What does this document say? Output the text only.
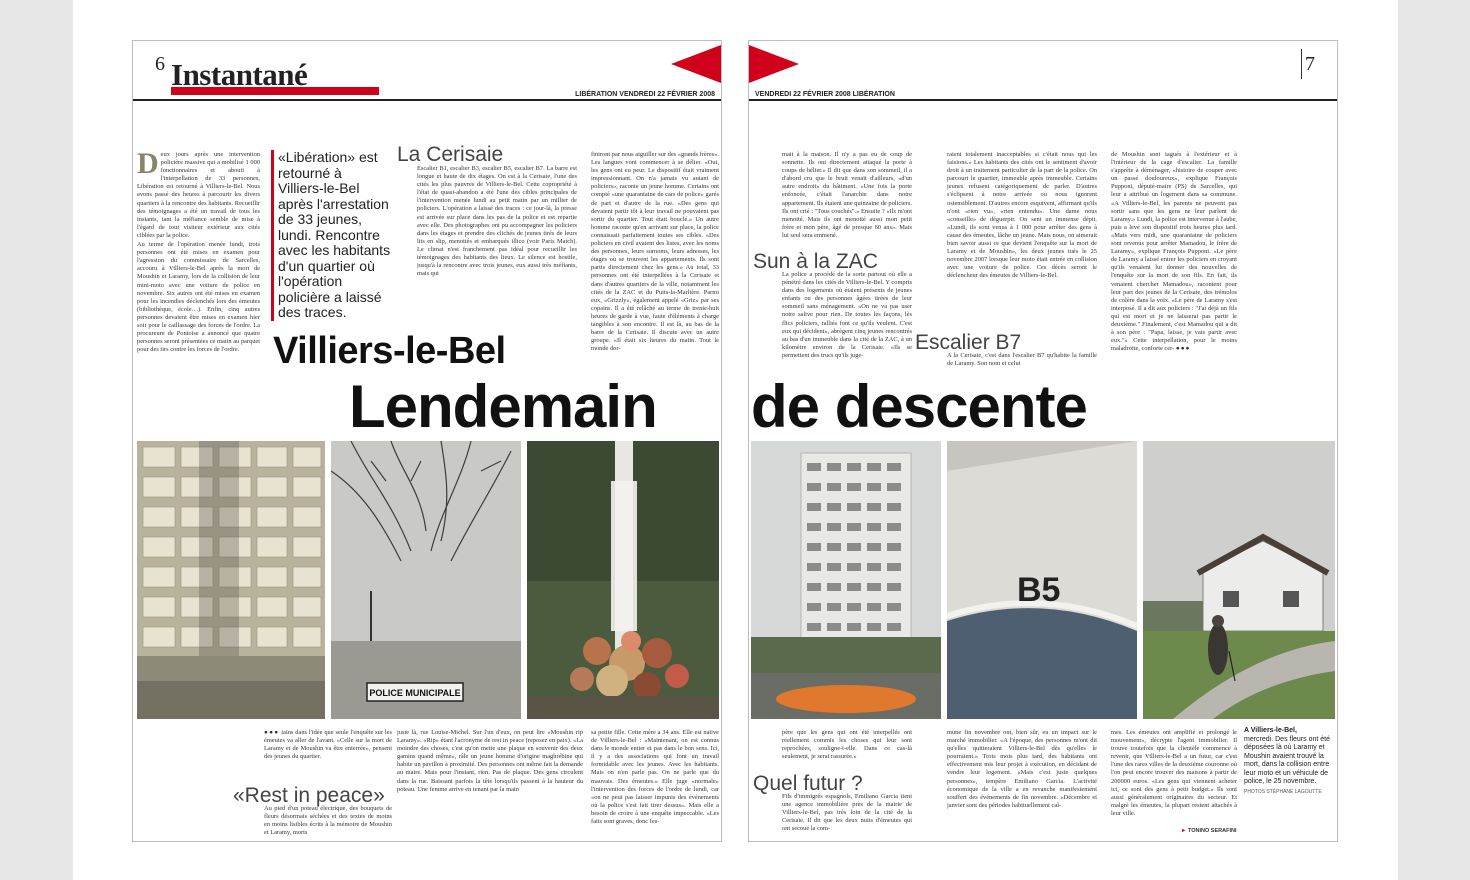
6 Instantané
LIBÉRATION VENDREDI 22 FÉVRIER 2008

Deux jours après une intervention policière massive qui a mobilisé 1 000 fonctionnaires et abouti à l'interpellation de 33 personnes, Libération est retourné à Villiers-le-Bel. Nous avons passé des heures à parcourir les divers quartiers à la rencontre des habitants. Recueillir des témoignages a été un travail de tous les instants, tant la méfiance semble de mise à l'égard de tout visiteur extérieur aux cités ciblées par la police.

Au terme de l'opération menée lundi, trois personnes ont été mises en examen pour l'agression du commissaire de Sarcelles, accouru à Villiers-le-Bel après la mort de Moushin et Laramy, lors de la collision de leur mini-moto avec une voiture de police en novembre. Six autres ont été mises en examen pour les incendies déclenchés lors des émeutes (bibliothèque, école…). Enfin, cinq autres personnes devaient être mises en examen hier soir pour le caillassage des forces de l'ordre. La procureure de Pontoise a annoncé que quatre personnes seront présentées ce matin au parquet pour des tirs contre les forces de l'ordre.

«Libération» est retourné à Villiers-le-Bel après l'arrestation de 33 jeunes, lundi. Rencontre avec les habitants d'un quartier où l'opération policière a laissé des traces.
La Cerisaie
Escalier B1, escalier B3, escalier B5, escalier B7. La barre est longue et haute de dix étages. On est à la Cerisaie, l'une des cités les plus pauvres de Villiers-le-Bel. Cette copropriété à l'état de quasi-abandon a été l'une des cibles principales de l'intervention menée lundi au petit matin par un millier de policiers. L'opération a laissé des traces : ce jour-là, la presse est arrivée sur place dans les pas de la police et est repartie avec elle. Des photographes ont pu accompagner les policiers dans les étages et prendre des clichés de jeunes tirés de leurs lits en slip, menottés et embarqués illico (voir Paris Match). Le climat n'est franchement pas idéal pour recueillir les témoignages des habitants des lieux. Le silence est hostile, jusqu'à la rencontre avec trois jeunes, eux aussi très méfiants, mais qui
finiront par nous aiguiller sur des «grands frères». Les langues vont commencer à se délier. «Oui, les gens ont eu peur. Le dispositif était vraiment impressionnant. On n'a jamais vu autant de policiers», raconte un jeune homme. Certains ont compté «une quarantaine de cars de police» garés de part et d'autre de la rue. «Des gens qui devaient partir tôt à leur travail ne pouvaient pas sortir du quartier. Tout était bouclé.» Un autre homme raconte qu'en arrivant sur place, la police connaissait parfaitement toutes ses cibles. «Des policiers en civil avaient des listes, avec les noms des personnes, leurs surnoms, leurs adresses, les étages où se trouvent les appartements. Ils sont partis directement chez les gens.» Au total, 33 personnes ont été interpellées à la Cerisaie et dans d'autres quartiers de la ville, notamment les cités de la ZAC et du Puits-la-Marlière. Parmi eux, «Grizzly», également appelé «Griz» par ses copains. Il a été relâché au terme de trente-huit heures de garde à vue, faute d'éléments à charge tangibles à son encontre. Il est là, au bas de la barre de la Cerisaie. Il discute avec un autre groupe. «Il était six heures du matin. Tout le monde dor-
Villiers-le-Bel
Lendemain
POLICE MUNICIPALE

●●● tains dans l'idée que seule l'enquête sur les émeutes va aller de l'avant. «Celle sur la mort de Laramy et de Moushin va être enterrée», pensent des jeunes du quartier.

«Rest in peace»
Au pied d'un poteau électrique, des bouquets de fleurs désormais séchées et des textes de moins en moins lisibles écrits à la mémoire de Moushin et Laramy, morts
juste là, rue Louise-Michel. Sur l'un d'eux, on peut lire «Moushin rip Laramy». «Rip» étant l'acronyme de rest in peace (reposez en paix). «La moindre des choses, c'est qu'on mette une plaque en souvenir des deux gamins quand même», râle un jeune homme d'origine maghrébine qui habite un pavillon à proximité. Des personnes ont même fait la demande au maire. Mais pour l'instant, rien. Pas de plaque. Des gens circulent dans la rue. Baissant parfois la tête lorsqu'ils passent à la hauteur du poteau. Une femme arrive en tenant par la main
sa petite fille. Cette mère a 34 ans. Elle est native de Villiers-le-Bel : «Maintenant, on est connus dans le monde entier et pas dans le bon sens. Ici, il y a des associations qui font un travail formidable avec les jeunes. Avec les habitants. Mais on n'en parle pas. On ne parle que du mauvais. Des émeutes.» Elle juge «normale» l'intervention des forces de l'ordre de lundi, car «on ne peut pas laisser impunis des événements où la police s'est fait tirer dessus». Mais elle a besoin de croire à une enquête impeccable. «Les faits sont graves, donc fes-
7
VENDREDI 22 FÉVRIER 2008 LIBÉRATION
mait à la maison. Il n'y a pas eu de coup de sonnette. Ils ont directement attaqué la porte à coups de bélier.» Il dit que dans son sommeil, il a d'abord cru que le bruit venait d'ailleurs, «d'un autre endroit» du bâtiment. «Une fois la porte enfoncée, c'était l'anarchie dans notre appartement. Ils étaient une quinzaine de policiers. Ils ont crié : "Tous couchés".» Ensuite ? «Ils m'ont menotté. Mais ils ont menotté aussi mon petit frère et mon père, âgé de presque 60 ans». Mais lui seul sera emmené.
Sun à la ZAC
La police a procédé de la sorte partout où elle a pénétré dans les cités de Villiers-le-Bel. Y compris dans des logements où étaient présents de jeunes enfants ou des personnes âgées tirées de leur sommeil sans ménagement. «On ne va pas user notre salive pour rien. De toutes les façons, lès flics policiers, ralliés font ce qu'ils veulent. C'est eux qui décident», abrègent cinq jeunes rencontrés au bas d'un immeuble dans la cité de la ZAC, à un kilomètre environ de la Cerisaie. «Ils se permettent des trucs qu'ils juge-
raient totalement inacceptables si c'était nous qui les faisions.» Les habitants des cités ont le sentiment d'avoir droit à un traitement particulier de la part de la police. On parcourt le quartier, immeuble après immeuble. Certains jeunes refusent catégoriquement de parler. D'autres s'éclipsent à notre arrivée ou nous ignorent ostensiblement. D'autres encore esquivent, affirmant qu'ils n'ont «rien vu», «rien entendu». Une dame nous «conseille» de déguerpir. On sent un immense dépit. «Lundi, ils sont venus à 1 000 pour arrêter des gens à cause des émeutes, lâche un jeune. Mais nous, on aimerait bien savoir aussi ce que devient l'enquête sur la mort de Laramy et de Moushin», les deux jeunes tués le 25 novembre 2007 lorsque leur moto était entrée en collision avec une voiture de police. Ces décès seront le déclencheur des émeutes de Villiers-le-Bel.
Escalier B7
A la Cerisaie, c'est dans l'escalier B7 qu'habite la famille de Laramy. Son nom et celui

de Moushin sont tagués à l'extérieur et à l'intérieur de la cage d'escalier. La famille s'apprête à déménager, «histoire de couper avec un passé douloureux», explique François Pupponi, député-maire (PS) de Sarcelles, qui leur a attribué un logement dans sa commune. «A Villiers-le-Bel, les parents ne peuvent pas sortir sans que les gens ne leur parlent de Laramy.» Lundi, la police est intervenue à l'aube, puis a levé son dispositif trois heures plus tard. «Mais vers midi, une quarantaine de policiers sont revenus pour arrêter Mamadou, le frère de Laramy», explique François Pupponi. «Le père de Laramy a laissé entrer les policiers en croyant qu'ils venaient lui donner des nouvelles de l'enquête sur la mort de son fils. En fait, ils venaient chercher Mamadou», racontent pour leur part des jeunes de la Cerisaie, des trémolos de colère dans la voix. «Le père de Laramy s'est interposé. Il a dit aux policiers : "J'ai déjà un fils qui est mort et je ne laisserai pas partir le deuxième." Finalement, c'est Mamadou qui a dit à son père : "Papa, laisse, je vais partir avec eux."» Cette interpellation, pour le moins maladroite, conforte cer- ●●●

de descente
B5
père que les gens qui ont été interpellés ont réellement commis les choses qui leur sont reprochées, souligne-t-elle. Dans ce cas-là seulement, je serai rassurée.»
Quel futur ?
Fils d'immigrés espagnols, Emiliano Garcia tient une agence immobilière près de la mairie de Villiers-le-Bel, pas très loin de la cité de la Cerisaie. Il dit que les deux nuits d'émeutes qui ont secoué la com-
mune fin novembre ont, bien sûr, eu un impact sur le marché immobilier. «A l'époque, des personnes m'ont dit qu'elles quitteraient Villiers-le-Bel dès qu'elles le pourraient.» Trois mois plus tard, des habitants ont effectivement mis leur projet à exécution, en décidant de vendre leur logement. «Mais c'est juste quelques personnes», tempère Emiliano Garcia. L'activité économique de la ville a en revanche manifestement souffert des événements de fin novembre. «Décembre et janvier sont des périodes habituellement cal-
mes. Les émeutes ont amplifié et prolongé le mouvement», décrypte l'agent immobilier. Il trouve toutefois que la clientèle commence à revenir, que Villiers-le-Bel a un futur, car c'est l'une des rares villes de la deuxième couronne où l'on peut encore trouver des maisons à partir de 200000 euros. «Les gens qui viennent acheter ici, ce sont des gens à petit budget.» Ils sont aussi généralement originaires du secteur. Et malgré les émeutes, la plupart restent attachés à leur ville.
A Villiers-le-Bel,
mercredi. Des fleurs ont été déposées là où Laramy et Moushin avaient trouvé la mort, dans la collision entre leur moto et un véhicule de police, le 25 novembre.
PHOTOS STÉPHANE LAGOUTTE
► TONINO SERAFINI
